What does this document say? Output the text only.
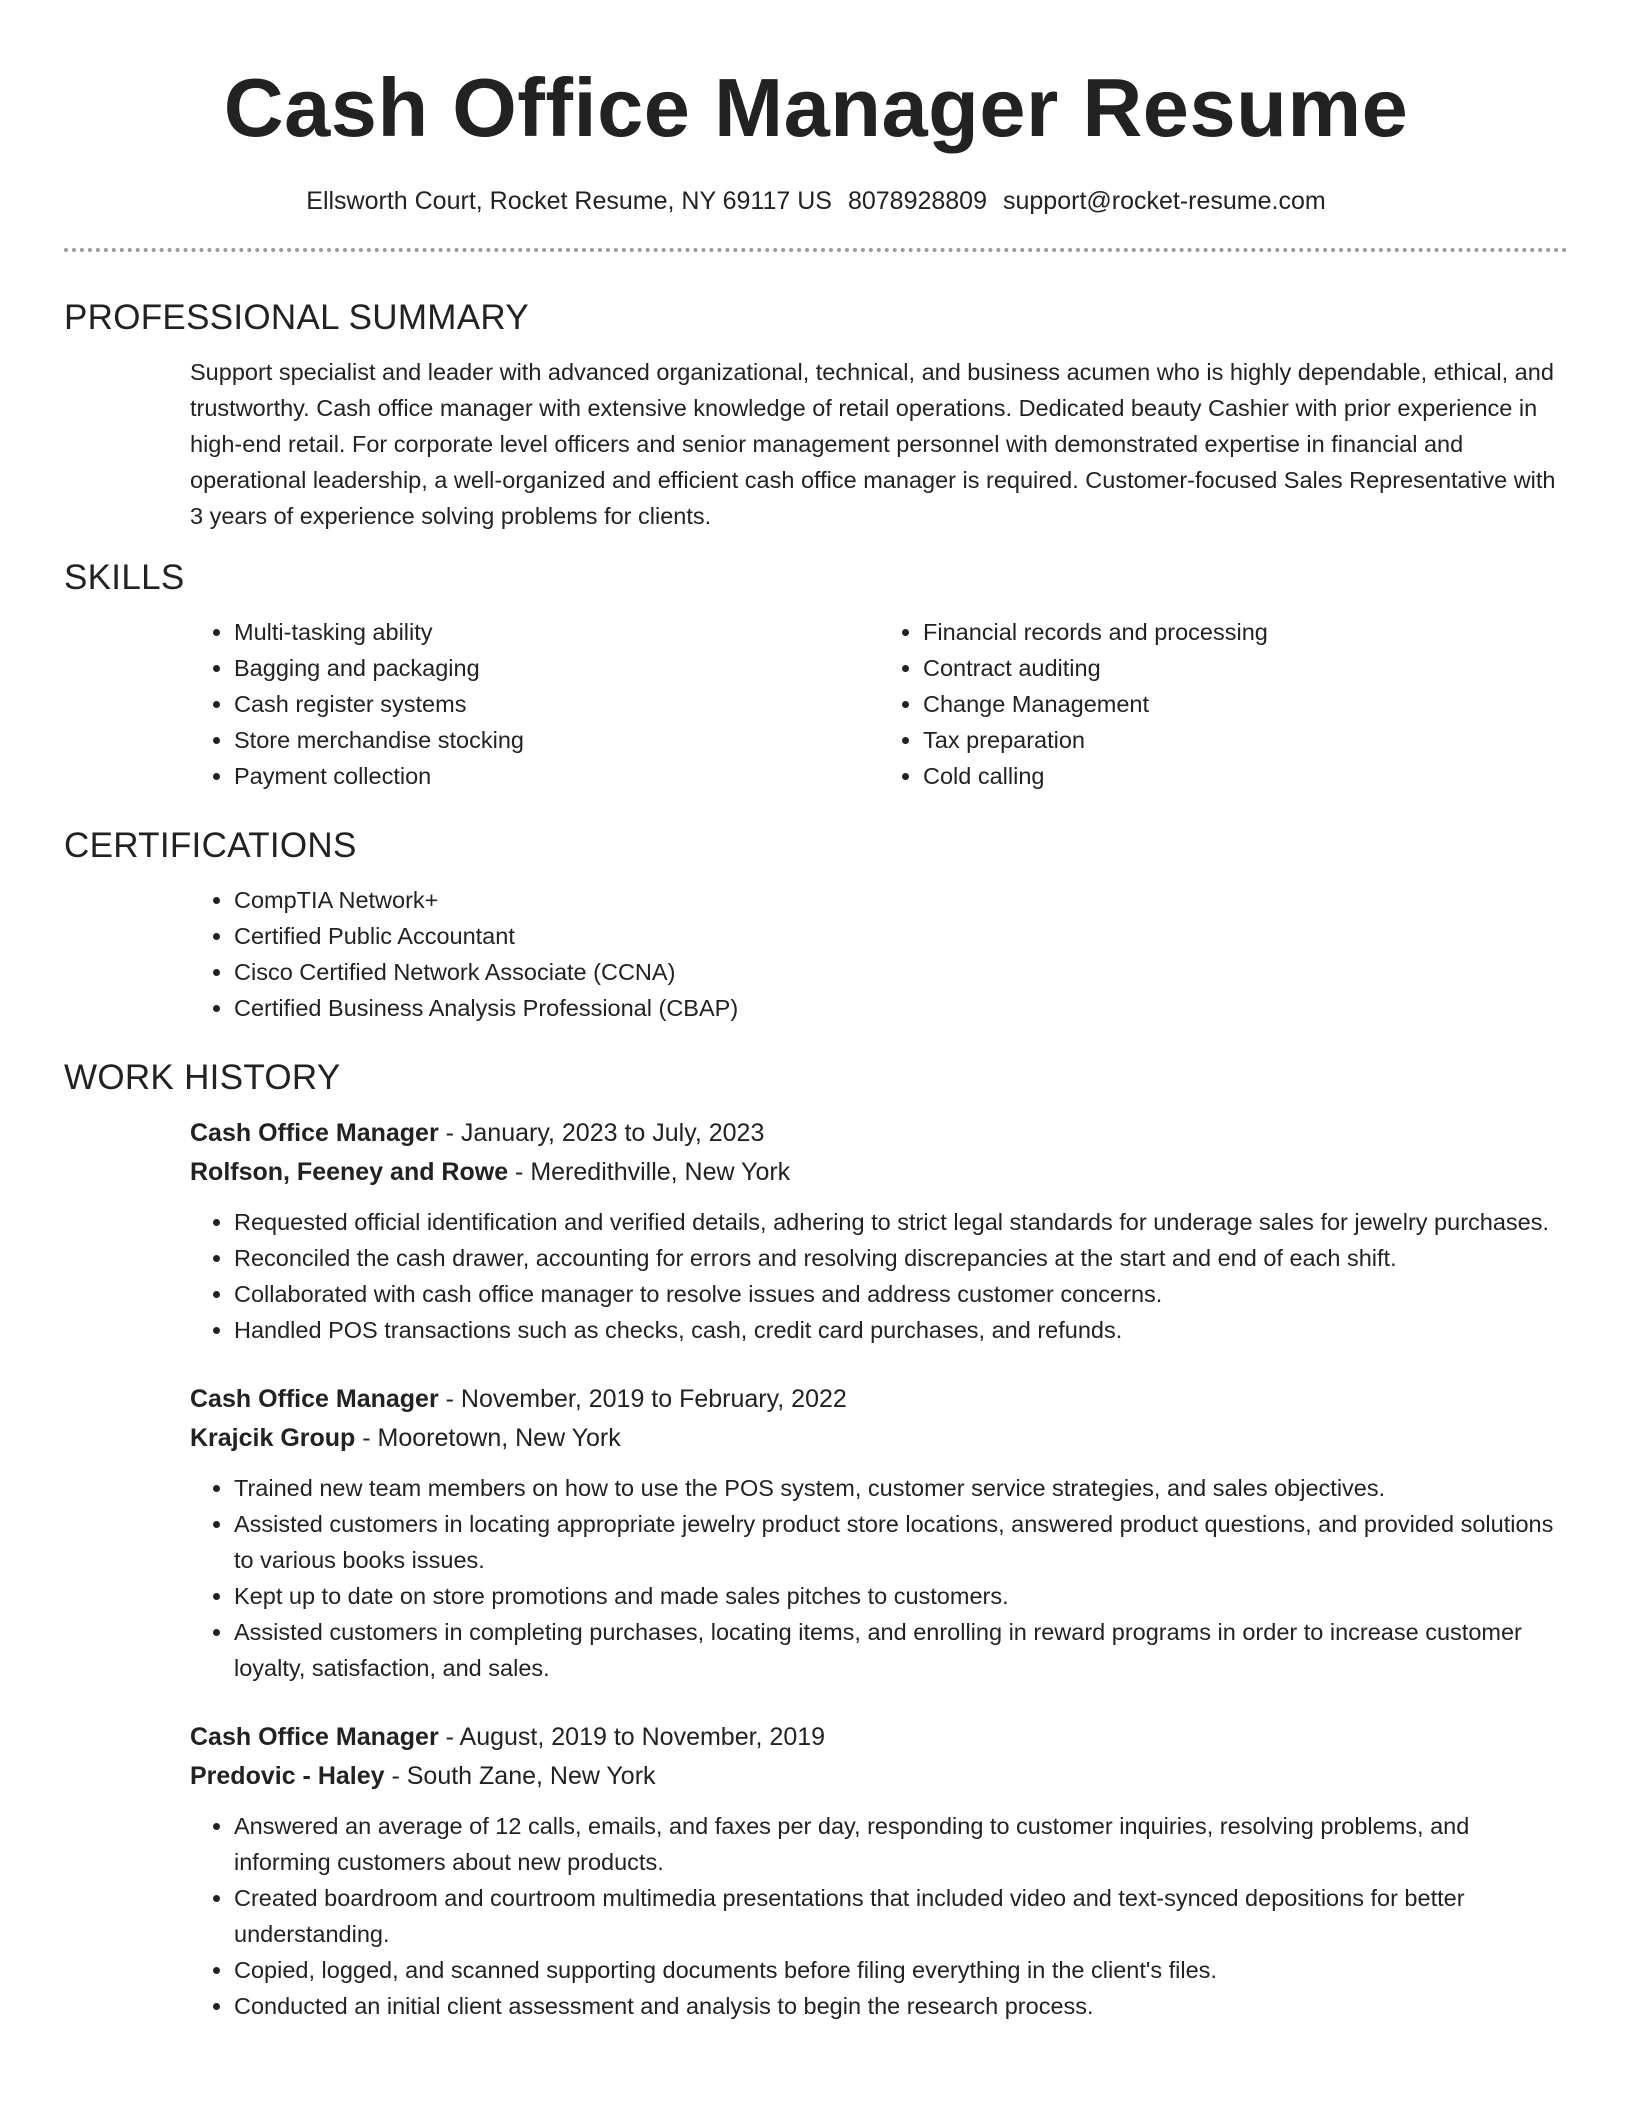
Cash Office Manager Resume
Ellsworth Court, Rocket Resume, NY 69117 US 8078928809 support@rocket-resume.com
PROFESSIONAL SUMMARY
Support specialist and leader with advanced organizational, technical, and business acumen who is highly dependable, ethical, and trustworthy. Cash office manager with extensive knowledge of retail operations. Dedicated beauty Cashier with prior experience in high-end retail. For corporate level officers and senior management personnel with demonstrated expertise in financial and operational leadership, a well-organized and efficient cash office manager is required. Customer-focused Sales Representative with 3 years of experience solving problems for clients.
SKILLS
• Multi-tasking ability
• Bagging and packaging
• Cash register systems
• Store merchandise stocking
• Payment collection
• Financial records and processing
• Contract auditing
• Change Management
• Tax preparation
• Cold calling
CERTIFICATIONS
• CompTIA Network+
• Certified Public Accountant
• Cisco Certified Network Associate (CCNA)
• Certified Business Analysis Professional (CBAP)
WORK HISTORY
Cash Office Manager - January, 2023 to July, 2023
Rolfson, Feeney and Rowe - Meredithville, New York
• Requested official identification and verified details, adhering to strict legal standards for underage sales for jewelry purchases.
• Reconciled the cash drawer, accounting for errors and resolving discrepancies at the start and end of each shift.
• Collaborated with cash office manager to resolve issues and address customer concerns.
• Handled POS transactions such as checks, cash, credit card purchases, and refunds.
Cash Office Manager - November, 2019 to February, 2022
Krajcik Group - Mooretown, New York
• Trained new team members on how to use the POS system, customer service strategies, and sales objectives.
• Assisted customers in locating appropriate jewelry product store locations, answered product questions, and provided solutions to various books issues.
• Kept up to date on store promotions and made sales pitches to customers.
• Assisted customers in completing purchases, locating items, and enrolling in reward programs in order to increase customer loyalty, satisfaction, and sales.
Cash Office Manager - August, 2019 to November, 2019
Predovic - Haley - South Zane, New York
• Answered an average of 12 calls, emails, and faxes per day, responding to customer inquiries, resolving problems, and informing customers about new products.
• Created boardroom and courtroom multimedia presentations that included video and text-synced depositions for better understanding.
• Copied, logged, and scanned supporting documents before filing everything in the client's files.
• Conducted an initial client assessment and analysis to begin the research process.
